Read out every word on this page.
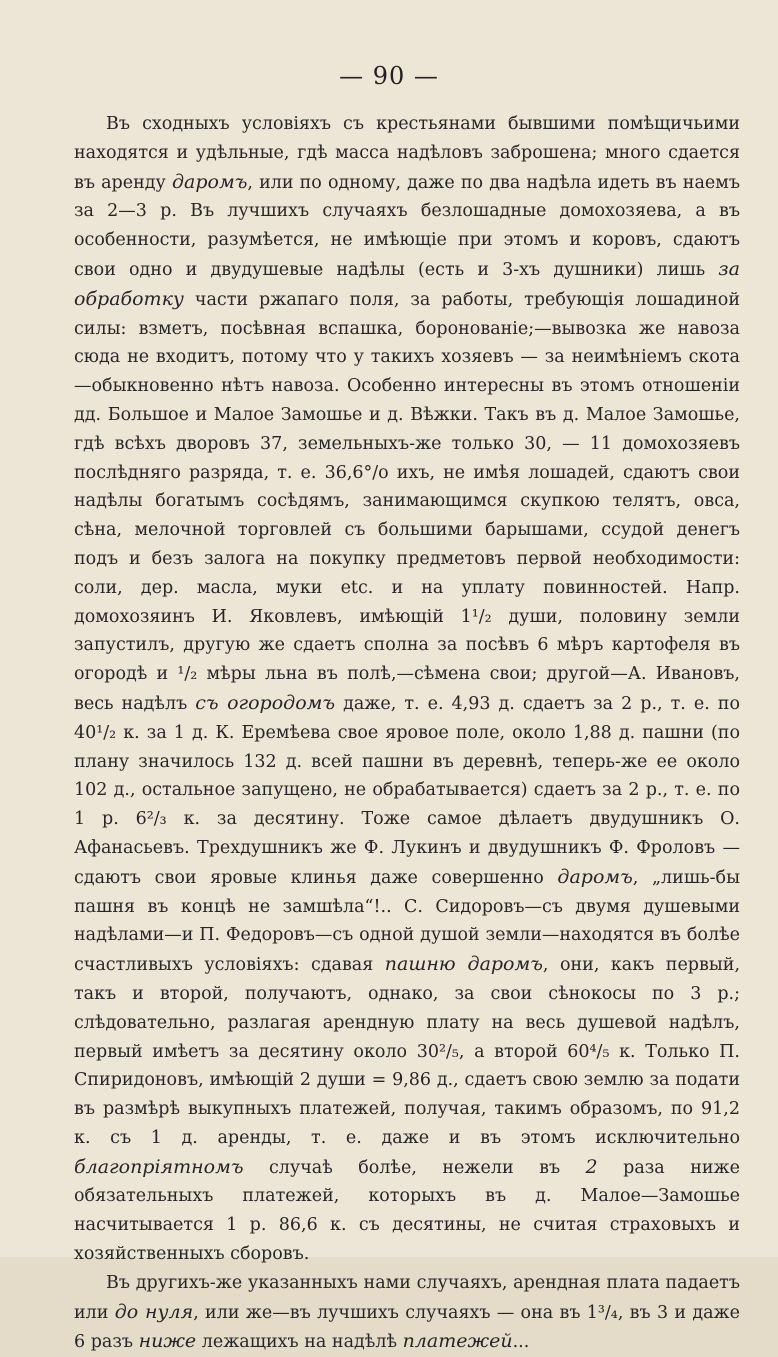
— 90 —

Въ сходныхъ условіяхъ съ крестьянами бывшими помѣщичьими находятся и удѣльные, гдѣ масса надѣловъ заброшена; много сдается въ аренду даромъ, или по одному, даже по два надѣла идеть въ наемъ за 2—3 р. Въ лучшихъ случаяхъ безлошадные домохозяева, а въ особенности, разумѣется, не имѣющіе при этомъ и коровъ, сдаютъ свои одно и двудушевые надѣлы (есть и 3-хъ душники) лишь за обработку части ржапаго поля, за работы, требующія лошадиной силы: взметъ, посѣвная вспашка, боронованіе;—вывозка же навоза сюда не входитъ, потому что у такихъ хозяевъ — за неимѣніемъ скота—обыкновенно нѣтъ навоза. Особенно интересны въ этомъ отношеніи дд. Большое и Малое Замошье и д. Вѣжки. Такъ въ д. Малое Замошье, гдѣ всѣхъ дворовъ 37, земельныхъ-же только 30, — 11 домохозяевъ послѣдняго разряда, т. е. 36,6°/о ихъ, не имѣя лошадей, сдаютъ свои надѣлы богатымъ сосѣдямъ, занимающимся скупкою телятъ, овса, сѣна, мелочной торговлей съ большими барышами, ссудой денегъ подъ и безъ залога на покупку предметовъ первой необходимости: соли, дер. масла, муки etc. и на уплату повинностей. Напр. домохозяинъ И. Яковлевъ, имѣющій 1¹/₂ души, половину земли запустилъ, другую же сдаетъ сполна за посѣвъ 6 мѣръ картофеля въ огородѣ и ¹/₂ мѣры льна въ полѣ,—сѣмена свои; другой—А. Ивановъ, весь надѣлъ съ огородомъ даже, т. е. 4,93 д. сдаетъ за 2 р., т. е. по 40¹/₂ к. за 1 д. К. Еремѣева свое яровое поле, около 1,88 д. пашни (по плану значилось 132 д. всей пашни въ деревнѣ, теперь-же ее около 102 д., остальное запущено, не обрабатывается) сдаетъ за 2 р., т. е. по 1 р. 6²/₃ к. за десятину. Тоже самое дѣлаетъ двудушникъ О. Афанасьевъ. Трехдушникъ же Ф. Лукинъ и двудушникъ Ф. Фроловъ — сдаютъ свои яровые клинья даже совершенно даромъ, „лишь-бы пашня въ концѣ не замшѣла“!.. С. Сидоровъ—съ двумя душевыми надѣлами—и П. Федоровъ—съ одной душой земли—находятся въ болѣе счастливыхъ условіяхъ: сдавая пашню даромъ, они, какъ первый, такъ и второй, получаютъ, однако, за свои сѣнокосы по 3 р.; слѣдовательно, разлагая арендную плату на весь душевой надѣлъ, первый имѣетъ за десятину около 30²/₅, а второй 60⁴/₅ к. Только П. Спиридоновъ, имѣющій 2 души = 9,86 д., сдаетъ свою землю за подати въ размѣрѣ выкупныхъ платежей, получая, такимъ образомъ, по 91,2 к. съ 1 д. аренды, т. е. даже и въ этомъ исключительно благопріятномъ случаѣ болѣе, нежели въ 2 раза ниже обязательныхъ платежей, которыхъ въ д. Малое—Замошье насчитывается 1 р. 86,6 к. съ десятины, не считая страховыхъ и хозяйственныхъ сборовъ.

Въ другихъ-же указанныхъ нами случаяхъ, арендная плата падаетъ или до нуля, или же—въ лучшихъ случаяхъ — она въ 1³/₄, въ 3 и даже 6 разъ ниже лежащихъ на надѣлѣ платежей...
